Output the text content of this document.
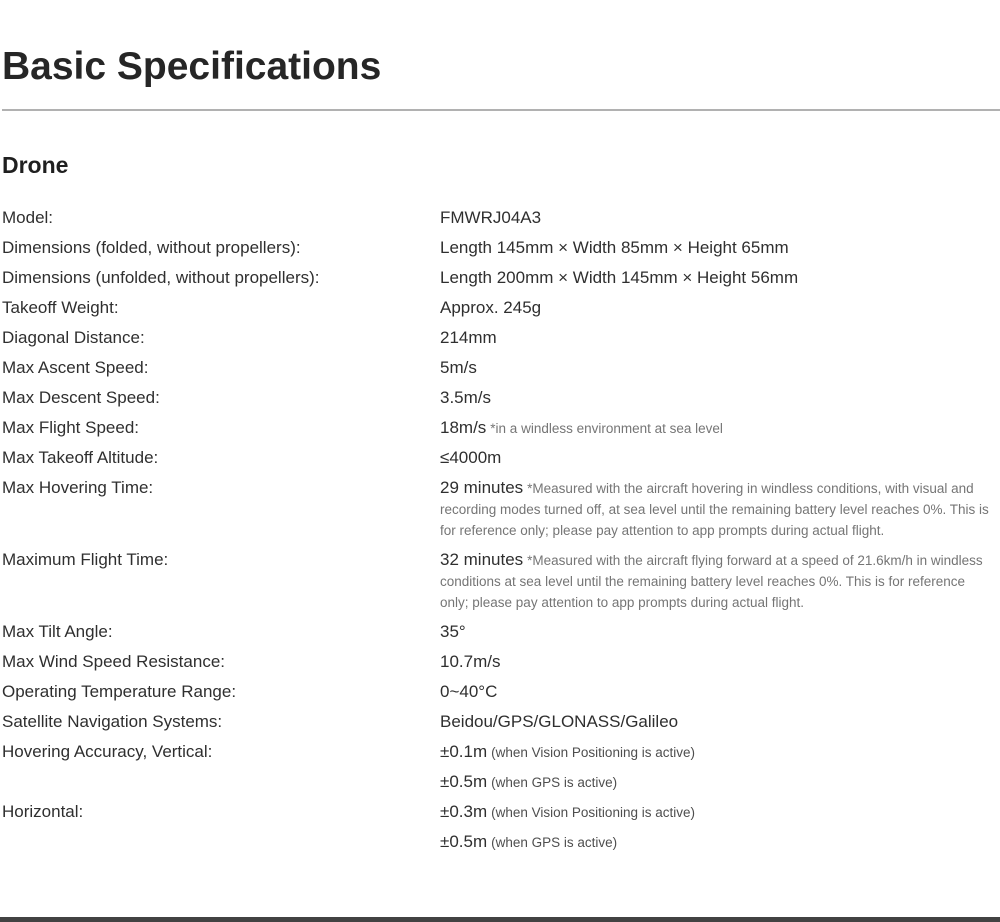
Basic Specifications
Drone
Model:	FMWRJ04A3
Dimensions (folded, without propellers):	Length 145mm × Width 85mm × Height 65mm
Dimensions (unfolded, without propellers):	Length 200mm × Width 145mm × Height 56mm
Takeoff Weight:	Approx. 245g
Diagonal Distance:	214mm
Max Ascent Speed:	5m/s
Max Descent Speed:	3.5m/s
Max Flight Speed:	18m/s *in a windless environment at sea level
Max Takeoff Altitude:	≤4000m
Max Hovering Time:	29 minutes *Measured with the aircraft hovering in windless conditions, with visual and recording modes turned off, at sea level until the remaining battery level reaches 0%. This is for reference only; please pay attention to app prompts during actual flight.
Maximum Flight Time:	32 minutes *Measured with the aircraft flying forward at a speed of 21.6km/h in windless conditions at sea level until the remaining battery level reaches 0%. This is for reference only; please pay attention to app prompts during actual flight.
Max Tilt Angle:	35°
Max Wind Speed Resistance:	10.7m/s
Operating Temperature Range:	0~40°C
Satellite Navigation Systems:	Beidou/GPS/GLONASS/Galileo
Hovering Accuracy, Vertical:	±0.1m (when Vision Positioning is active)
±0.5m (when GPS is active)
Horizontal:	±0.3m (when Vision Positioning is active)
±0.5m (when GPS is active)
